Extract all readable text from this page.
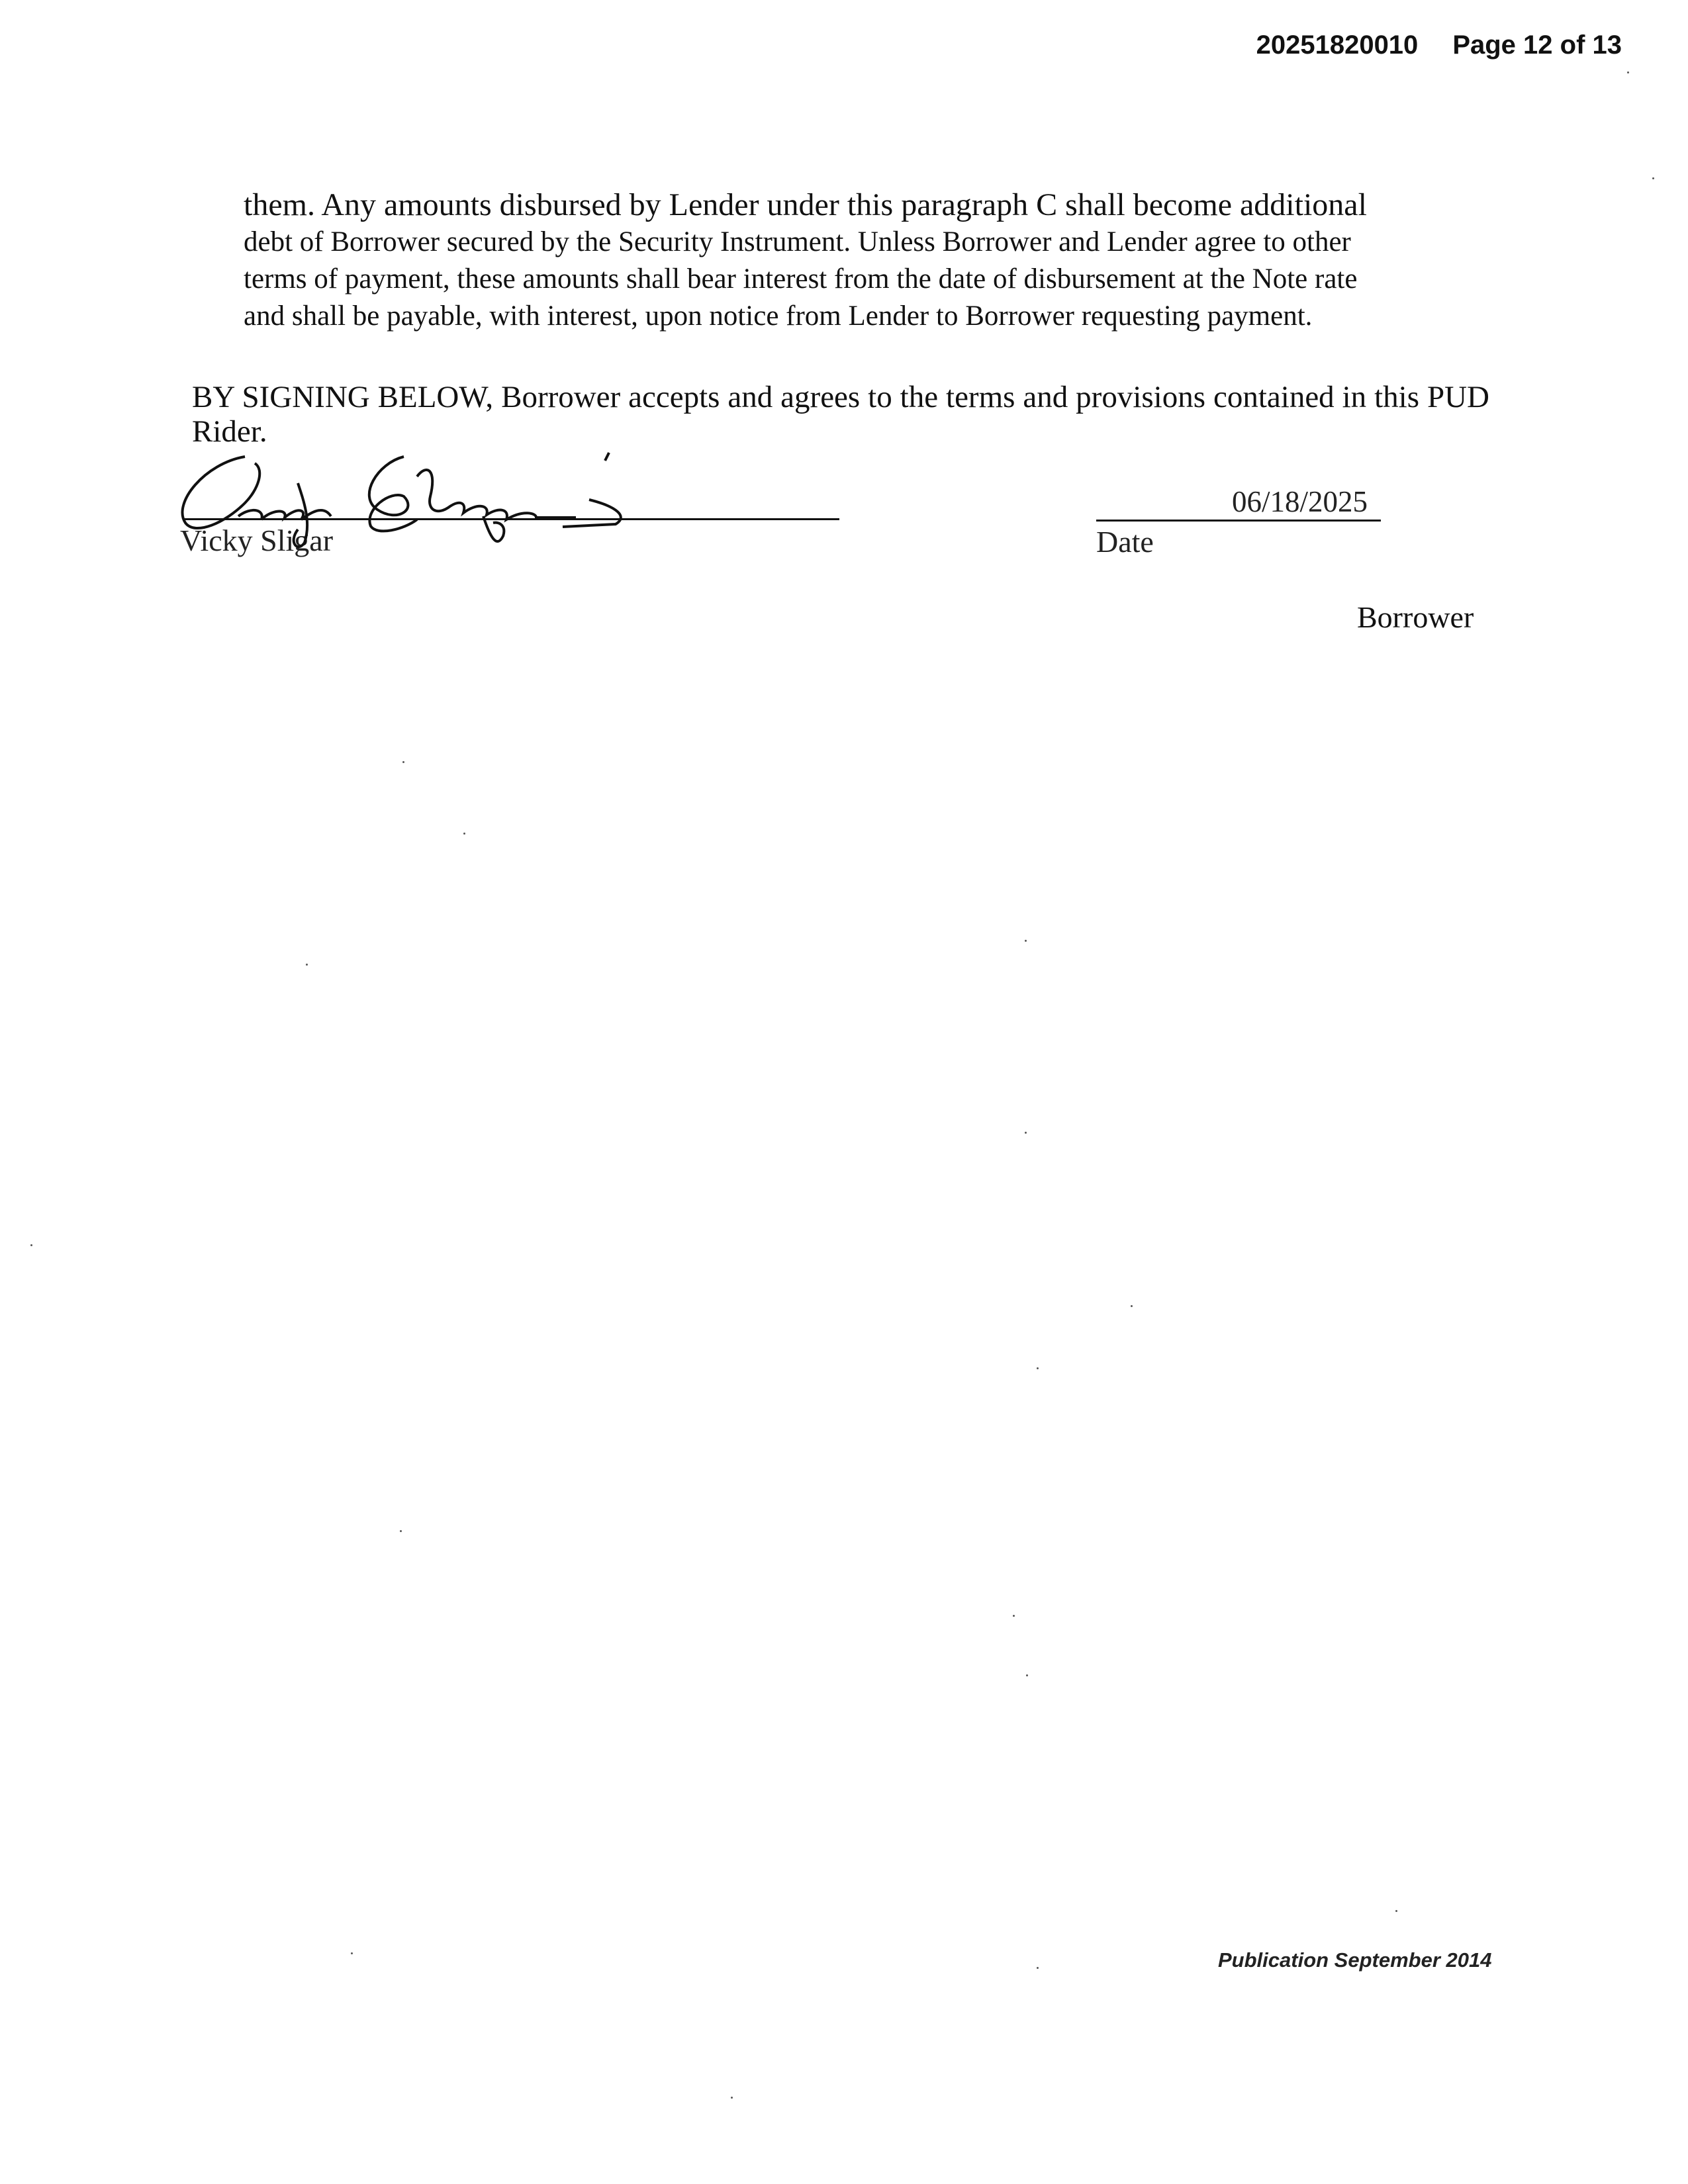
20251820010 Page 12 of 13
them. Any amounts disbursed by Lender under this paragraph C shall become additional
debt of Borrower secured by the Security Instrument. Unless Borrower and Lender agree to other
terms of payment, these amounts shall bear interest from the date of disbursement at the Note rate
and shall be payable, with interest, upon notice from Lender to Borrower requesting payment.
BY SIGNING BELOW, Borrower accepts and agrees to the terms and provisions contained in this PUD Rider.
Vicky Sligar
06/18/2025
Date
Borrower
Publication September 2014
